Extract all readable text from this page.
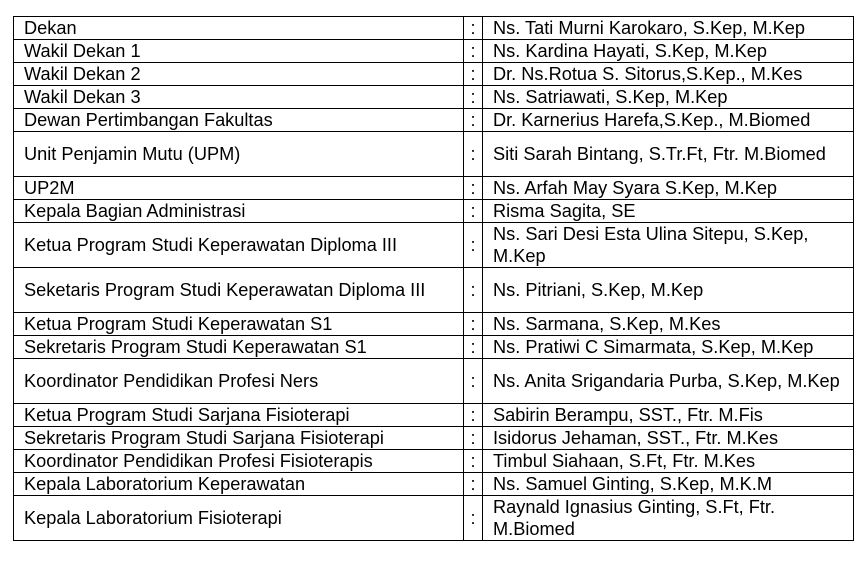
Dekan	:	Ns. Tati Murni Karokaro, S.Kep, M.Kep
Wakil Dekan 1	:	Ns. Kardina Hayati, S.Kep, M.Kep
Wakil Dekan 2	:	Dr. Ns.Rotua S. Sitorus,S.Kep., M.Kes
Wakil Dekan 3	:	Ns. Satriawati, S.Kep, M.Kep
Dewan Pertimbangan Fakultas	:	Dr. Karnerius Harefa,S.Kep., M.Biomed
Unit Penjamin Mutu (UPM)	:	Siti Sarah Bintang, S.Tr.Ft, Ftr. M.Biomed
UP2M	:	Ns. Arfah May Syara S.Kep, M.Kep
Kepala Bagian Administrasi	:	Risma Sagita, SE
Ketua Program Studi Keperawatan Diploma III	:	Ns. Sari Desi Esta Ulina Sitepu, S.Kep, M.Kep
Seketaris Program Studi Keperawatan Diploma III	:	Ns. Pitriani, S.Kep, M.Kep
Ketua Program Studi Keperawatan S1	:	Ns. Sarmana, S.Kep, M.Kes
Sekretaris Program Studi Keperawatan S1	:	Ns. Pratiwi C Simarmata, S.Kep, M.Kep
Koordinator Pendidikan Profesi Ners	:	Ns. Anita Srigandaria Purba, S.Kep, M.Kep
Ketua Program Studi Sarjana Fisioterapi	:	Sabirin Berampu, SST., Ftr. M.Fis
Sekretaris Program Studi Sarjana Fisioterapi	:	Isidorus Jehaman, SST., Ftr. M.Kes
Koordinator Pendidikan Profesi Fisioterapis	:	Timbul Siahaan, S.Ft, Ftr. M.Kes
Kepala Laboratorium Keperawatan	:	Ns. Samuel Ginting, S.Kep, M.K.M
Kepala Laboratorium Fisioterapi	:	Raynald Ignasius Ginting, S.Ft, Ftr. M.Biomed
